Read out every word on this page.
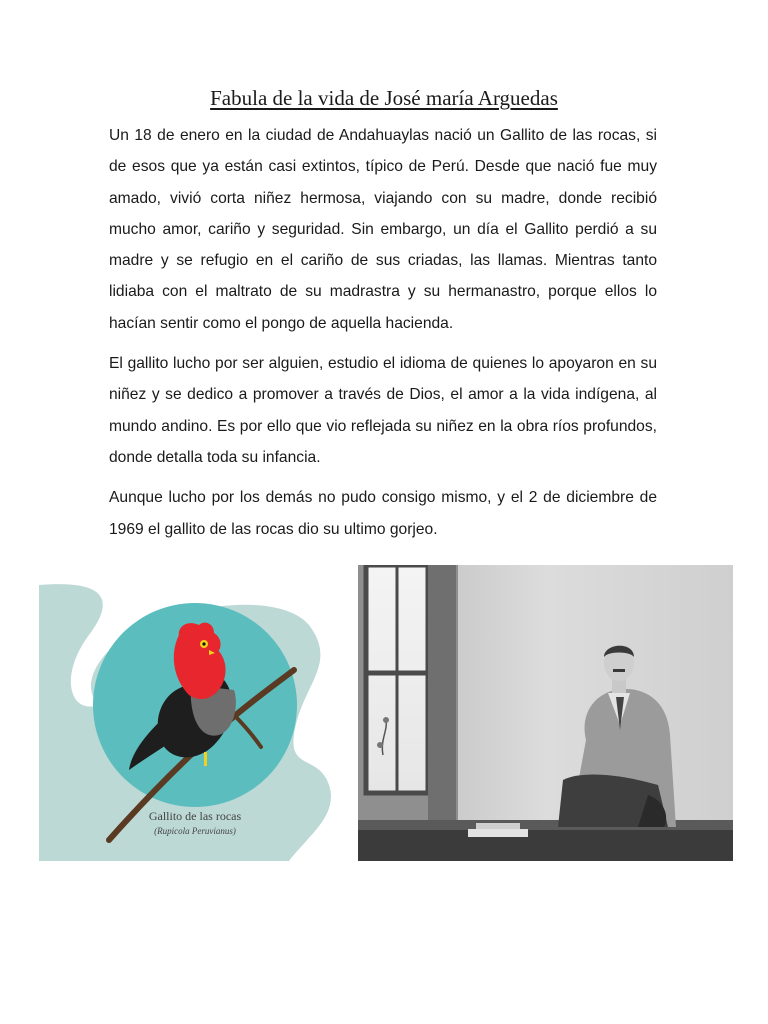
Fabula de la vida de José maría Arguedas

Un 18 de enero en la ciudad de Andahuaylas nació un Gallito de las rocas, si de esos que ya están casi extintos, típico de Perú. Desde que nació fue muy amado, vivió corta niñez hermosa, viajando con su madre, donde recibió mucho amor, cariño y seguridad. Sin embargo, un día el Gallito perdió a su madre y se refugio en el cariño de sus criadas, las llamas. Mientras tanto lidiaba con el maltrato de su madrastra y su hermanastro, porque ellos lo hacían sentir como el pongo de aquella hacienda.

El gallito lucho por ser alguien, estudio el idioma de quienes lo apoyaron en su niñez y se dedico a promover a través de Dios, el amor a la vida indígena, al mundo andino. Es por ello que vio reflejada su niñez en la obra ríos profundos, donde detalla toda su infancia.

Aunque lucho por los demás no pudo consigo mismo, y el 2 de diciembre de 1969 el gallito de las rocas dio su ultimo gorjeo.

Gallito de las rocas
(Rupicola Peruvianus)
